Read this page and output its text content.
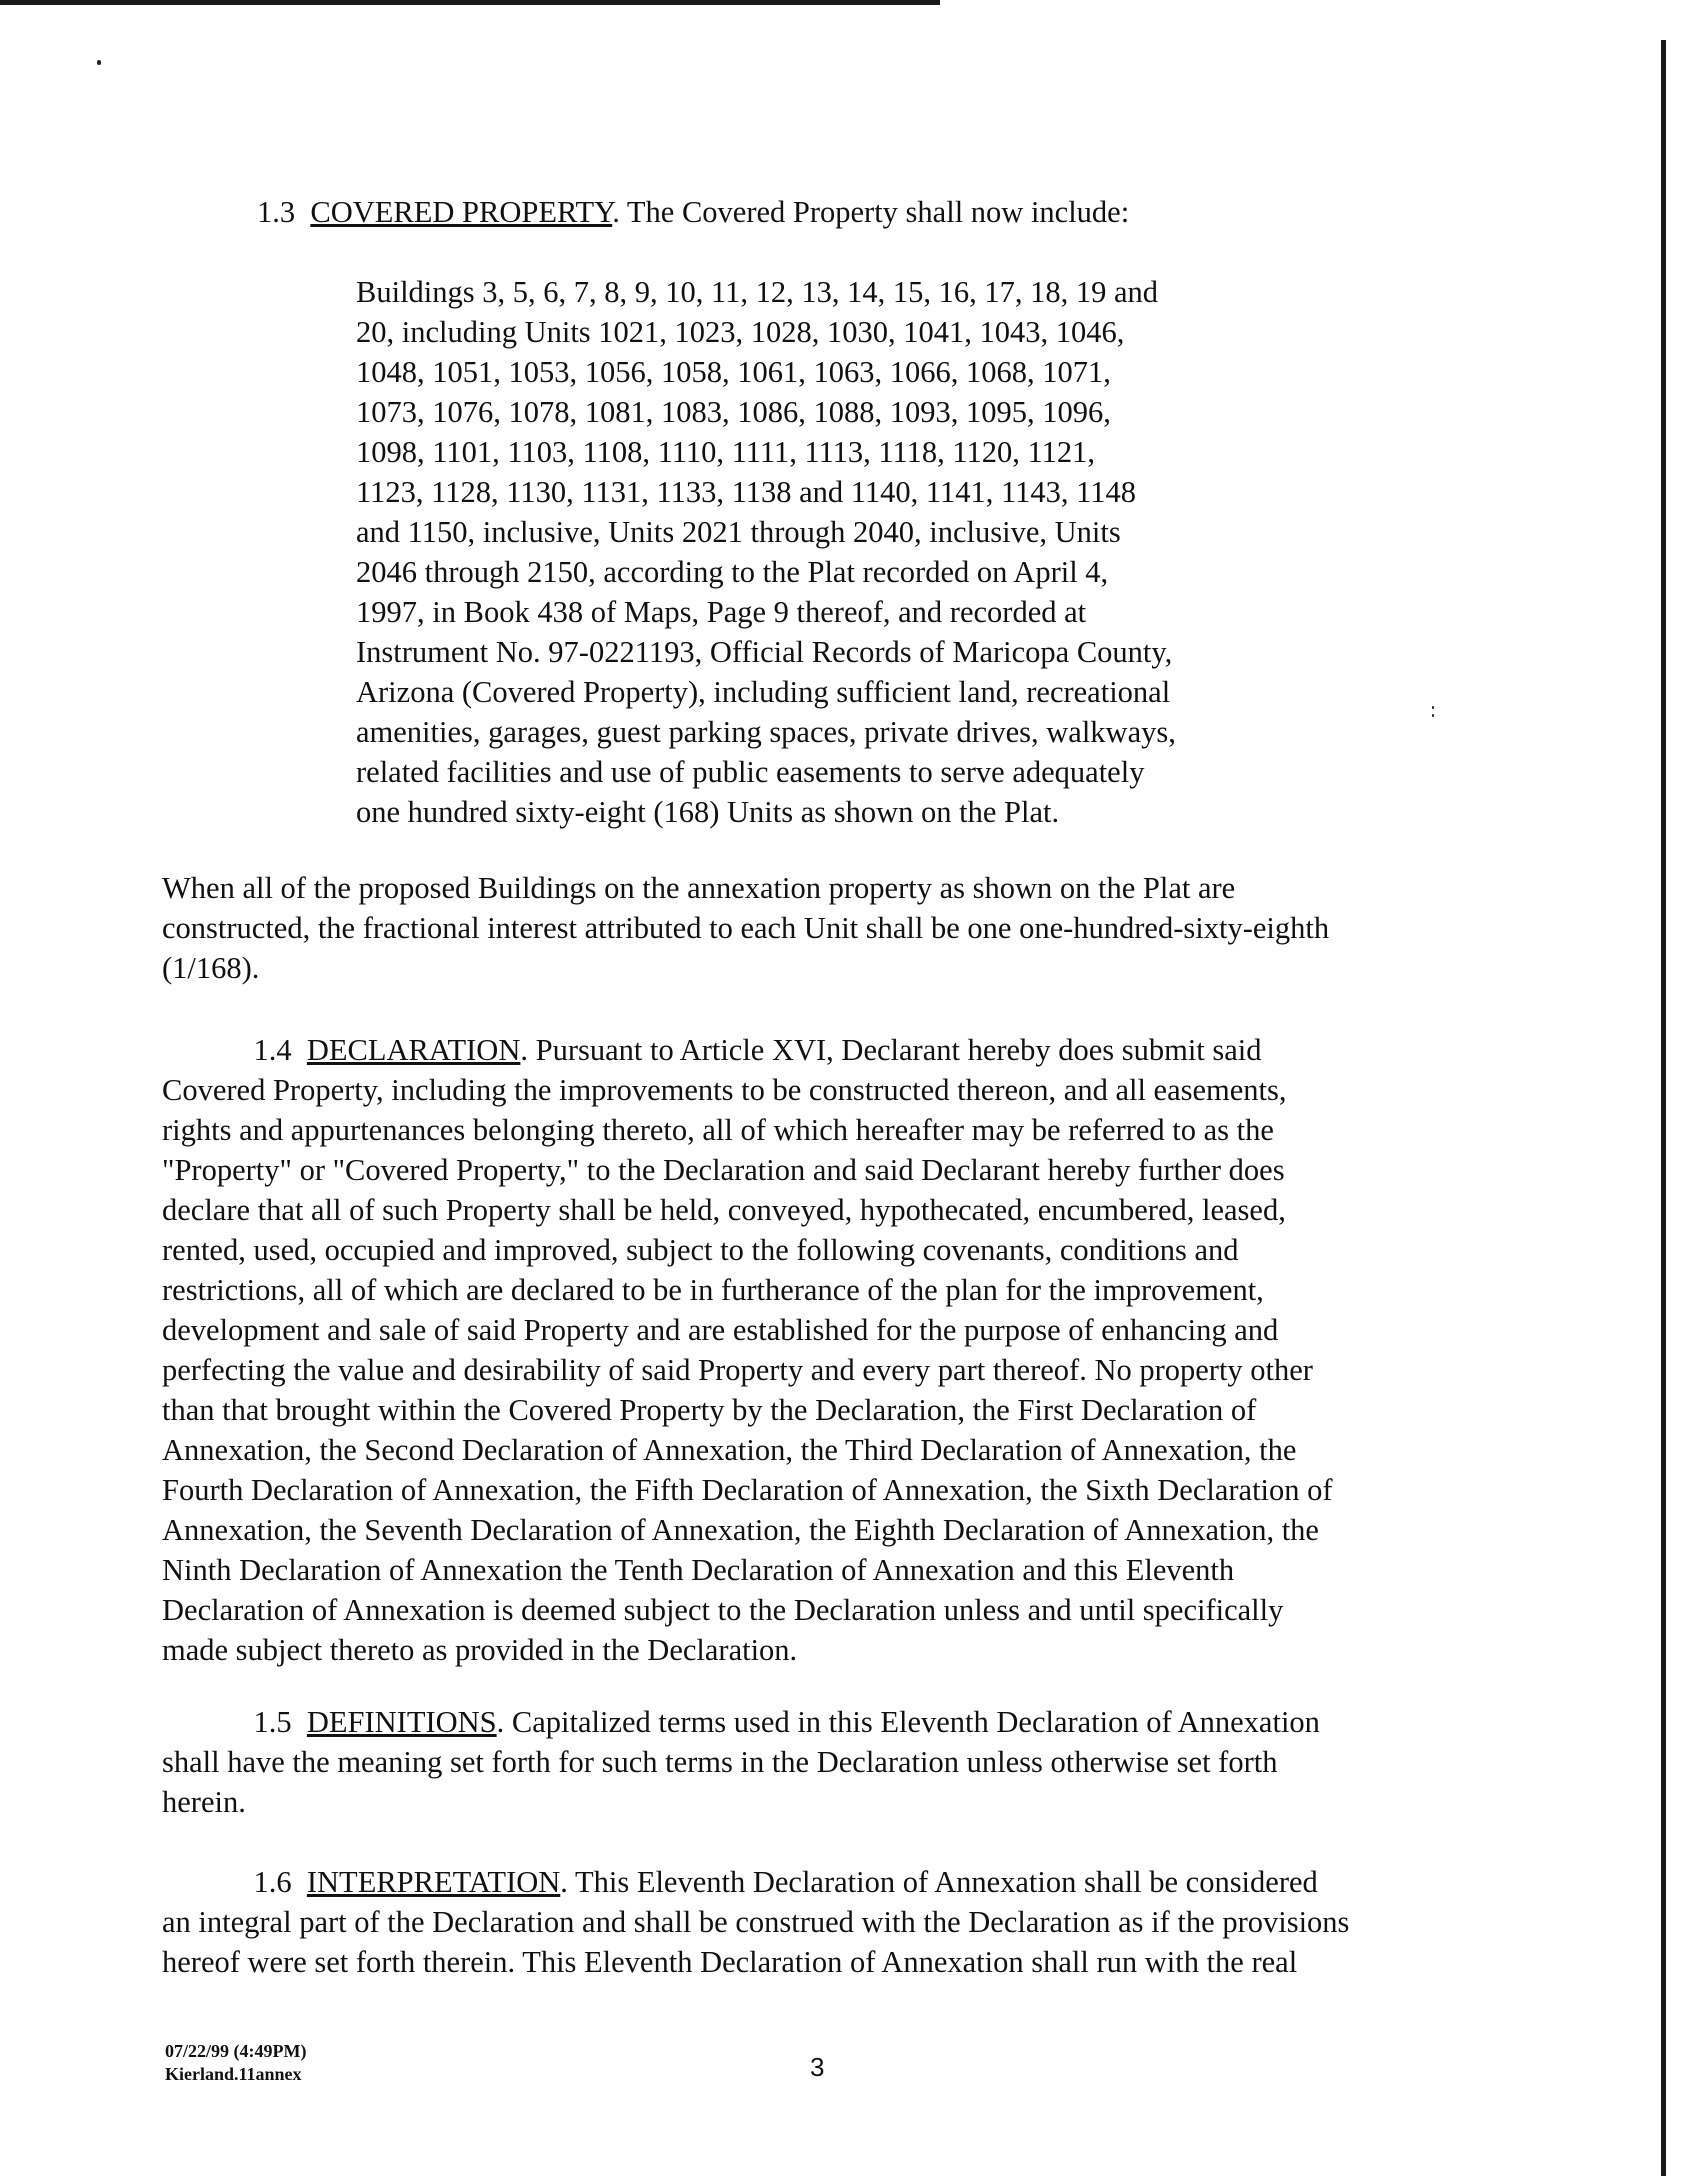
1.3 COVERED PROPERTY. The Covered Property shall now include:

Buildings 3, 5, 6, 7, 8, 9, 10, 11, 12, 13, 14, 15, 16, 17, 18, 19 and
20, including Units 1021, 1023, 1028, 1030, 1041, 1043, 1046,
1048, 1051, 1053, 1056, 1058, 1061, 1063, 1066, 1068, 1071,
1073, 1076, 1078, 1081, 1083, 1086, 1088, 1093, 1095, 1096,
1098, 1101, 1103, 1108, 1110, 1111, 1113, 1118, 1120, 1121,
1123, 1128, 1130, 1131, 1133, 1138 and 1140, 1141, 1143, 1148
and 1150, inclusive, Units 2021 through 2040, inclusive, Units
2046 through 2150, according to the Plat recorded on April 4,
1997, in Book 438 of Maps, Page 9 thereof, and recorded at
Instrument No. 97-0221193, Official Records of Maricopa County,
Arizona (Covered Property), including sufficient land, recreational
amenities, garages, guest parking spaces, private drives, walkways,
related facilities and use of public easements to serve adequately
one hundred sixty-eight (168) Units as shown on the Plat.
When all of the proposed Buildings on the annexation property as shown on the Plat are
constructed, the fractional interest attributed to each Unit shall be one one-hundred-sixty-eighth
(1/168).
1.4 DECLARATION. Pursuant to Article XVI, Declarant hereby does submit said
Covered Property, including the improvements to be constructed thereon, and all easements,
rights and appurtenances belonging thereto, all of which hereafter may be referred to as the
"Property" or "Covered Property," to the Declaration and said Declarant hereby further does
declare that all of such Property shall be held, conveyed, hypothecated, encumbered, leased,
rented, used, occupied and improved, subject to the following covenants, conditions and
restrictions, all of which are declared to be in furtherance of the plan for the improvement,
development and sale of said Property and are established for the purpose of enhancing and
perfecting the value and desirability of said Property and every part thereof. No property other
than that brought within the Covered Property by the Declaration, the First Declaration of
Annexation, the Second Declaration of Annexation, the Third Declaration of Annexation, the
Fourth Declaration of Annexation, the Fifth Declaration of Annexation, the Sixth Declaration of
Annexation, the Seventh Declaration of Annexation, the Eighth Declaration of Annexation, the
Ninth Declaration of Annexation the Tenth Declaration of Annexation and this Eleventh
Declaration of Annexation is deemed subject to the Declaration unless and until specifically
made subject thereto as provided in the Declaration.
1.5 DEFINITIONS. Capitalized terms used in this Eleventh Declaration of Annexation
shall have the meaning set forth for such terms in the Declaration unless otherwise set forth
herein.
1.6 INTERPRETATION. This Eleventh Declaration of Annexation shall be considered
an integral part of the Declaration and shall be construed with the Declaration as if the provisions
hereof were set forth therein. This Eleventh Declaration of Annexation shall run with the real
07/22/99 (4:49PM)
Kierland.11annex	3
